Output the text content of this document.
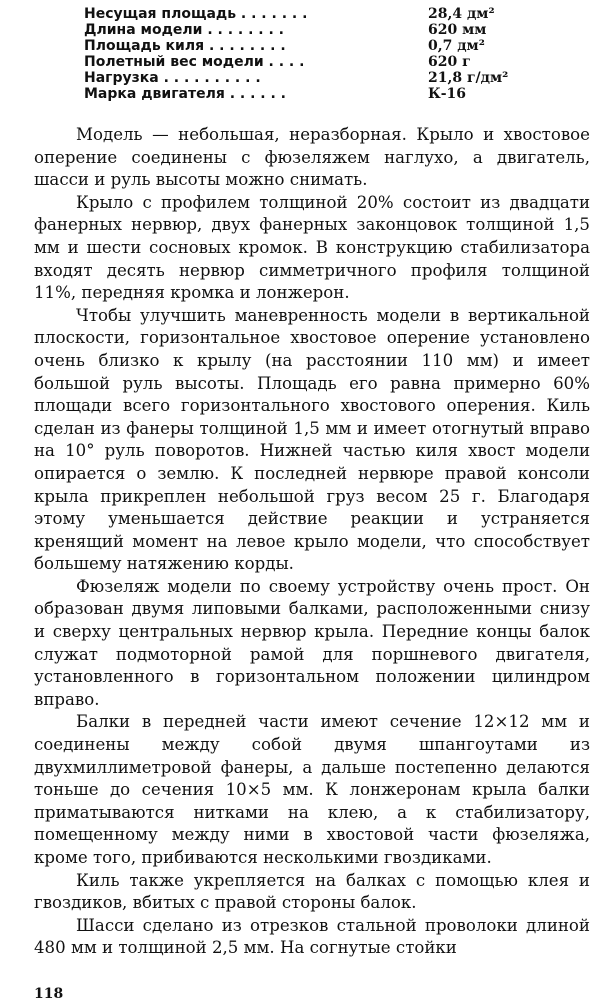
Несущая площадь . . . . . . .	28,4 дм²
Длина модели . . . . . . . .	620 мм
Площадь киля . . . . . . . .	0,7 дм²
Полетный вес модели . . . .	620 г
Нагрузка . . . . . . . . . .	21,8 г/дм²
Марка двигателя . . . . . .	К-16

Модель — небольшая, неразборная. Крыло и хвостовое оперение соединены с фюзеляжем наглухо, а двигатель, шасси и руль высоты можно снимать.

Крыло с профилем толщиной 20% состоит из двадцати фанерных нервюр, двух фанерных законцовок толщиной 1,5 мм и шести сосновых кромок. В конструкцию стабилизатора входят десять нервюр симметричного профиля толщиной 11%, передняя кромка и лонжерон.

Чтобы улучшить маневренность модели в вертикальной плоскости, горизонтальное хвостовое оперение установлено очень близко к крылу (на расстоянии 110 мм) и имеет большой руль высоты. Площадь его равна примерно 60% площади всего горизонтального хвостового оперения. Киль сделан из фанеры толщиной 1,5 мм и имеет отогнутый вправо на 10° руль поворотов. Нижней частью киля хвост модели опирается о землю. К последней нервюре правой консоли крыла прикреплен небольшой груз весом 25 г. Благодаря этому уменьшается действие реакции и устраняется кренящий момент на левое крыло модели, что способствует большему натяжению корды.

Фюзеляж модели по своему устройству очень прост. Он образован двумя липовыми балками, расположенными снизу и сверху центральных нервюр крыла. Передние концы балок служат подмоторной рамой для поршневого двигателя, установленного в горизонтальном положении цилиндром вправо.

Балки в передней части имеют сечение 12×12 мм и соединены между собой двумя шпангоутами из двухмиллиметровой фанеры, а дальше постепенно делаются тоньше до сечения 10×5 мм. К лонжеронам крыла балки приматываются нитками на клею, а к стабилизатору, помещенному между ними в хвостовой части фюзеляжа, кроме того, прибиваются несколькими гвоздиками.

Киль также укрепляется на балках с помощью клея и гвоздиков, вбитых с правой стороны балок.

Шасси сделано из отрезков стальной проволоки длиной 480 мм и толщиной 2,5 мм. На согнутые стойки

118
